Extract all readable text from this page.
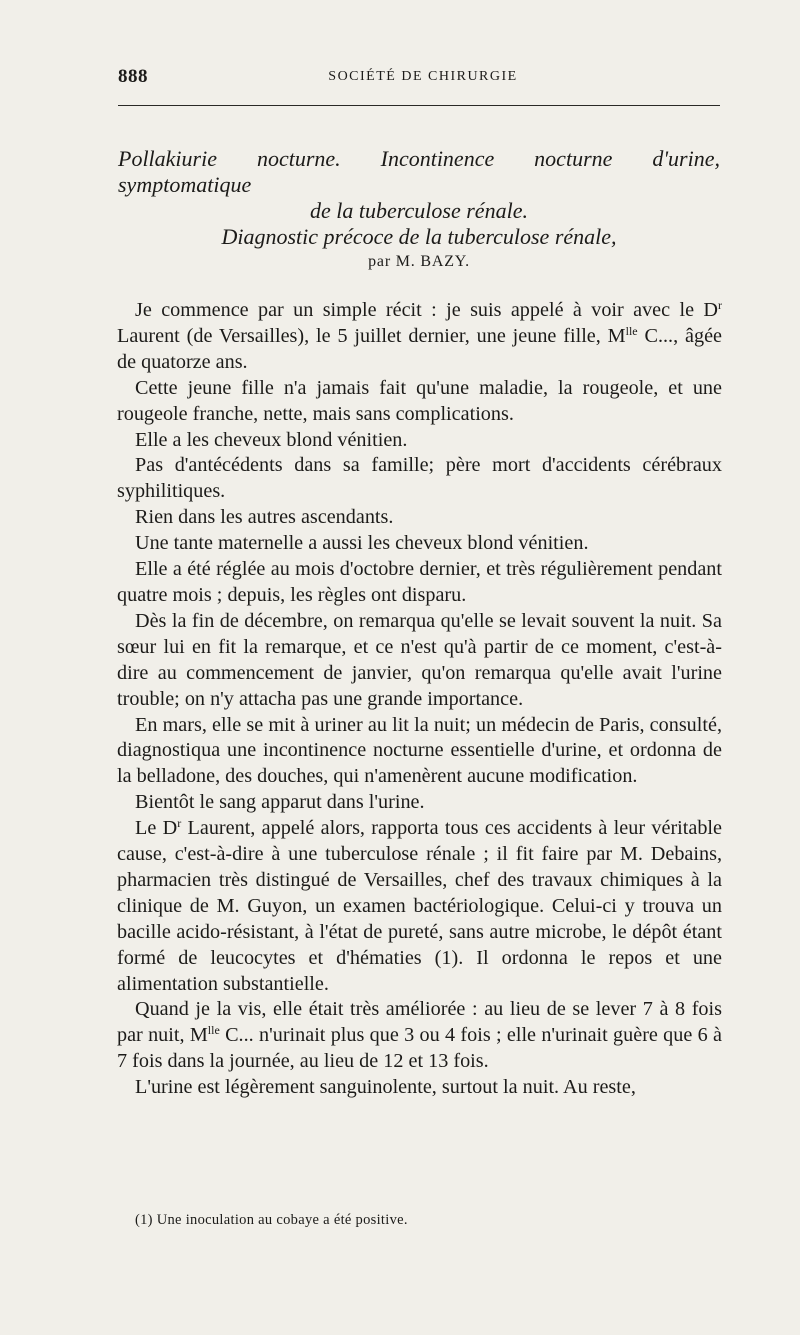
888	SOCIÉTÉ DE CHIRURGIE
Pollakiurie nocturne. Incontinence nocturne d'urine, symptomatique
de la tuberculose rénale.
Diagnostic précoce de la tuberculose rénale,
par M. BAZY.

Je commence par un simple récit : je suis appelé à voir avec le $D^r$ Laurent (de Versailles), le 5 juillet dernier, une jeune fille, $M^{lle}$ C..., âgée de quatorze ans.

Cette jeune fille n'a jamais fait qu'une maladie, la rougeole, et une rougeole franche, nette, mais sans complications.

Elle a les cheveux blond vénitien.

Pas d'antécédents dans sa famille; père mort d'accidents cérébraux syphilitiques.

Rien dans les autres ascendants.

Une tante maternelle a aussi les cheveux blond vénitien.

Elle a été réglée au mois d'octobre dernier, et très régulièrement pendant quatre mois ; depuis, les règles ont disparu.

Dès la fin de décembre, on remarqua qu'elle se levait souvent la nuit. Sa sœur lui en fit la remarque, et ce n'est qu'à partir de ce moment, c'est-à-dire au commencement de janvier, qu'on remarqua qu'elle avait l'urine trouble; on n'y attacha pas une grande importance.

En mars, elle se mit à uriner au lit la nuit; un médecin de Paris, consulté, diagnostiqua une incontinence nocturne essentielle d'urine, et ordonna de la belladone, des douches, qui n'amenèrent aucune modification.

Bientôt le sang apparut dans l'urine.

Le $D^r$ Laurent, appelé alors, rapporta tous ces accidents à leur véritable cause, c'est-à-dire à une tuberculose rénale ; il fit faire par M. Debains, pharmacien très distingué de Versailles, chef des travaux chimiques à la clinique de M. Guyon, un examen bactériologique. Celui-ci y trouva un bacille acido-résistant, à l'état de pureté, sans autre microbe, le dépôt étant formé de leucocytes et d'hématies (1). Il ordonna le repos et une alimentation substantielle.

Quand je la vis, elle était très améliorée : au lieu de se lever 7 à 8 fois par nuit, $M^{lle}$ C... n'urinait plus que 3 ou 4 fois ; elle n'urinait guère que 6 à 7 fois dans la journée, au lieu de 12 et 13 fois.

L'urine est légèrement sanguinolente, surtout la nuit. Au reste,

(1) Une inoculation au cobaye a été positive.
